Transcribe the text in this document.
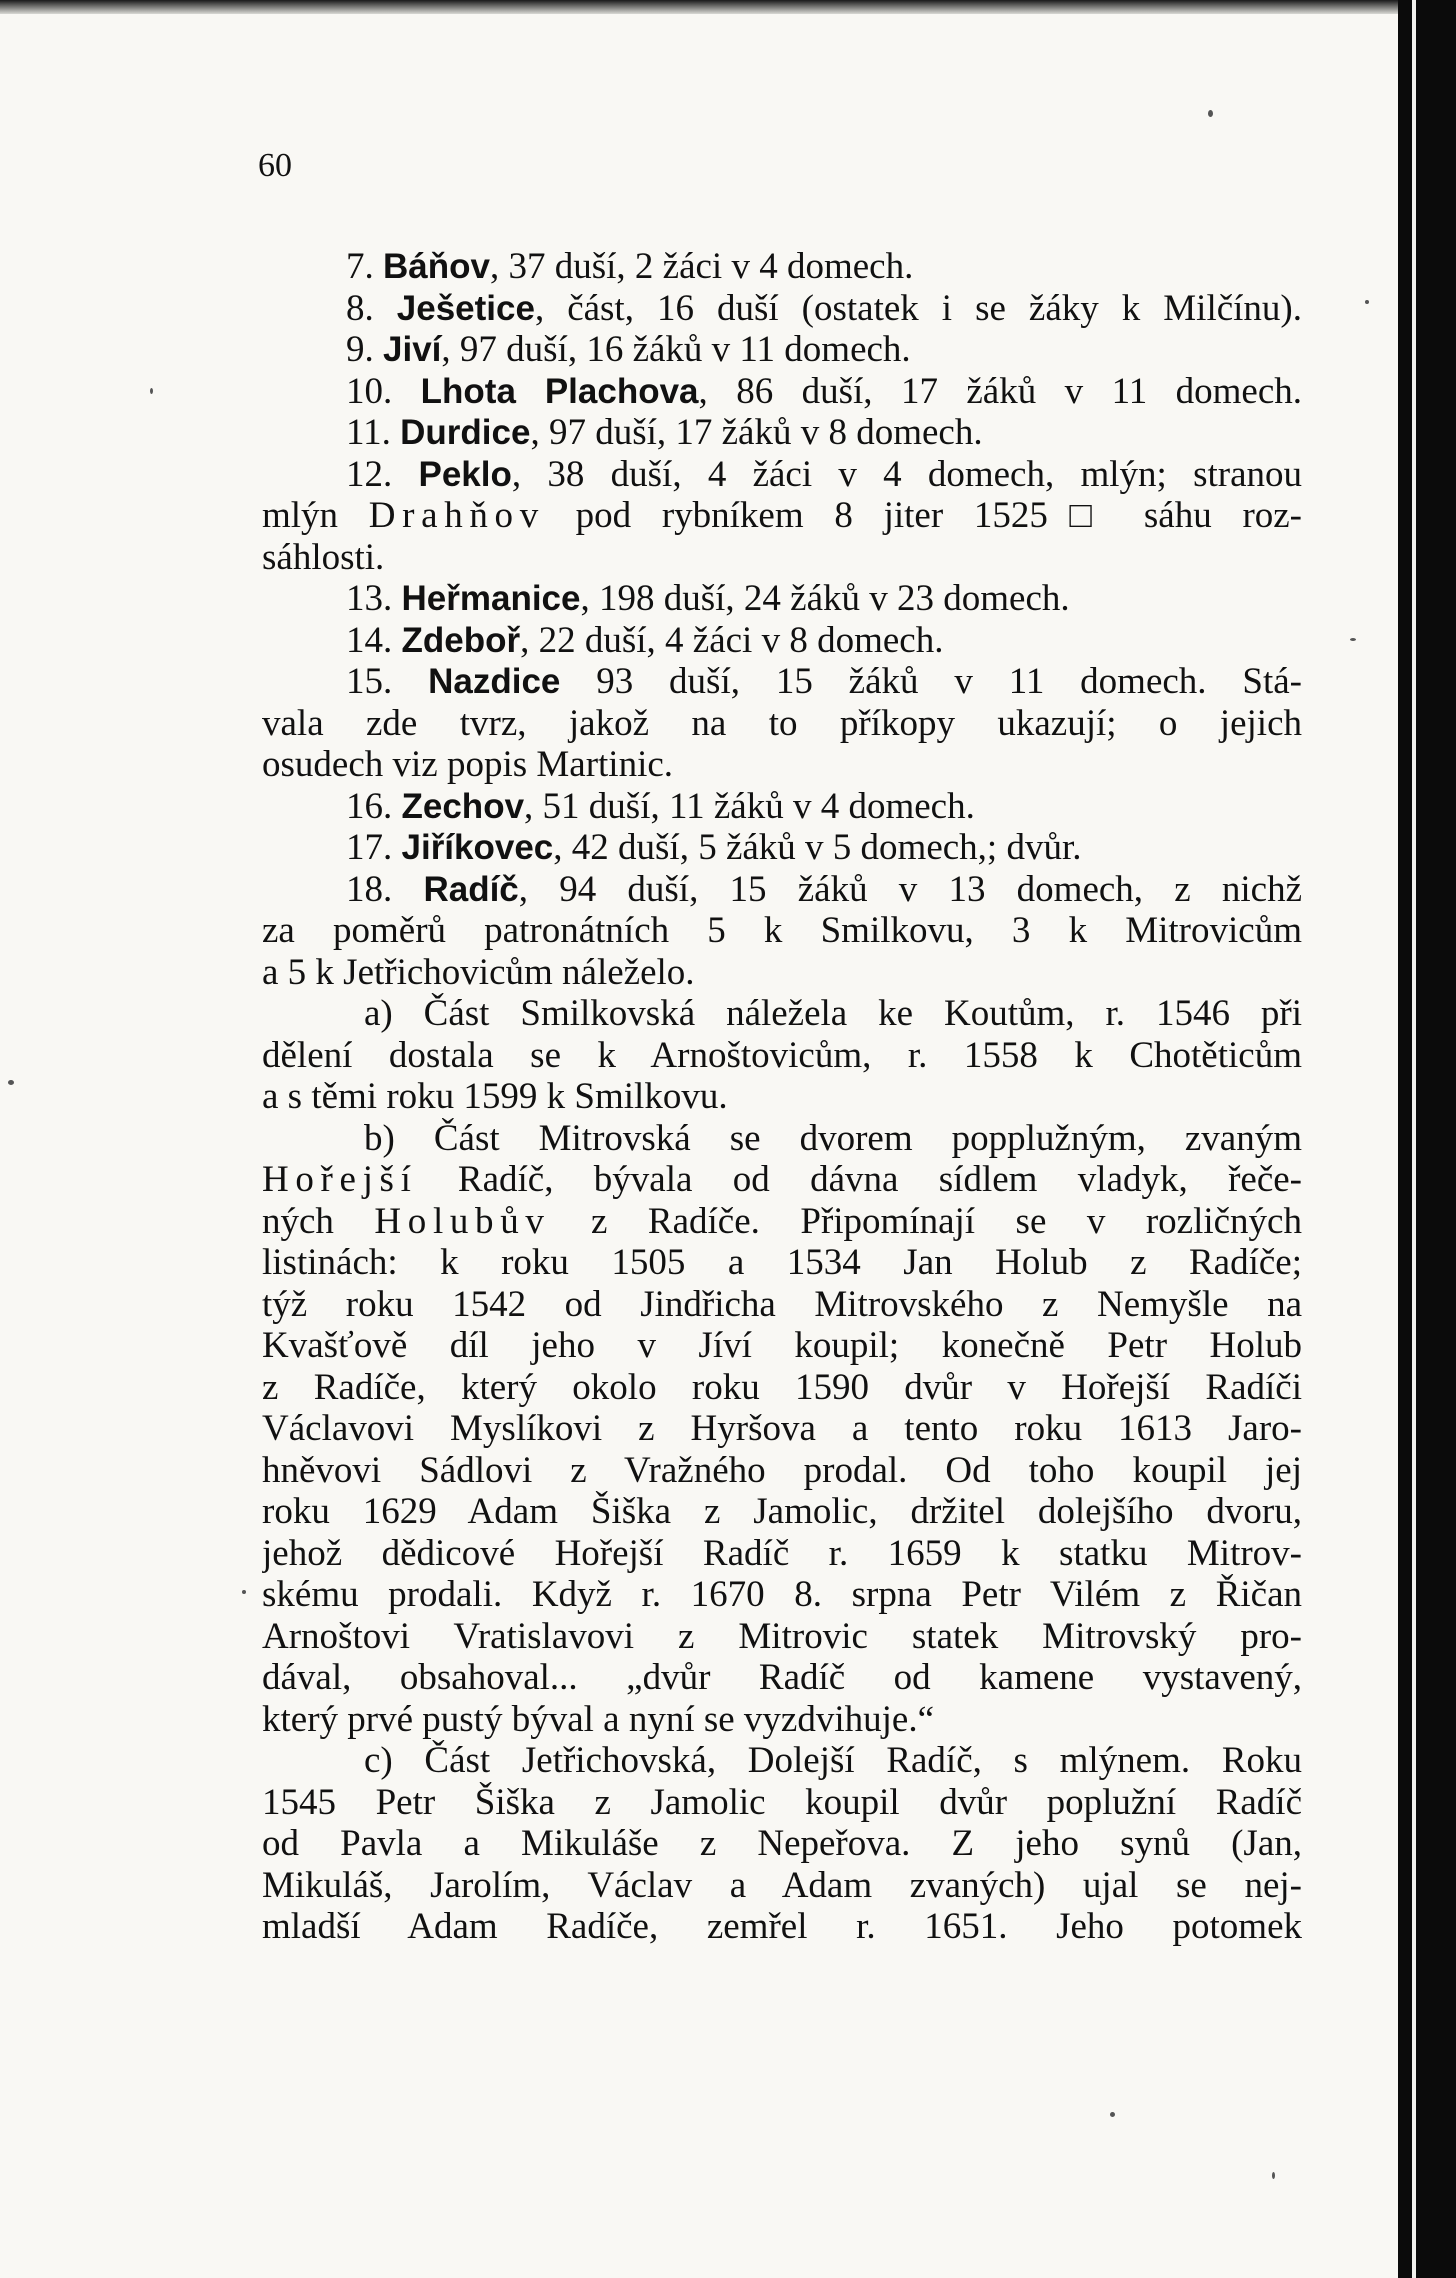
60
7. Báňov, 37 duší, 2 žáci v 4 domech.
8. Ješetice, část, 16 duší (ostatek i se žáky k Milčínu).
9. Jiví, 97 duší, 16 žáků v 11 domech.
10. Lhota Plachova, 86 duší, 17 žáků v 11 domech.
11. Durdice, 97 duší, 17 žáků v 8 domech.
12. Peklo, 38 duší, 4 žáci v 4 domech, mlýn; stranou
mlýn Drahňov pod rybníkem 8 jiter 1525□ sáhu roz-
sáhlosti.
13. Heřmanice, 198 duší, 24 žáků v 23 domech.
14. Zdeboř, 22 duší, 4 žáci v 8 domech.
15. Nazdice 93 duší, 15 žáků v 11 domech. Stá-
vala zde tvrz, jakož na to příkopy ukazují; o jejich
osudech viz popis Martinic.
16. Zechov, 51 duší, 11 žáků v 4 domech.
17. Jiříkovec, 42 duší, 5 žáků v 5 domech,; dvůr.
18. Radíč, 94 duší, 15 žáků v 13 domech, z nichž
za poměrů patronátních 5 k Smilkovu, 3 k Mitrovicům
a 5 k Jetřichovicům náleželo.
a) Část Smilkovská náležela ke Koutům, r. 1546 při
dělení dostala se k Arnoštovicům, r. 1558 k Chotěticům
a s těmi roku 1599 k Smilkovu.
b) Část Mitrovská se dvorem popplužným, zvaným
Hořejší Radíč, bývala od dávna sídlem vladyk, řeče-
ných Holubův z Radíče. Připomínají se v rozličných
listinách: k roku 1505 a 1534 Jan Holub z Radíče;
týž roku 1542 od Jindřicha Mitrovského z Nemyšle na
Kvašťově díl jeho v Jíví koupil; konečně Petr Holub
z Radíče, který okolo roku 1590 dvůr v Hořejší Radíči
Václavovi Myslíkovi z Hyršova a tento roku 1613 Jaro-
hněvovi Sádlovi z Vražného prodal. Od toho koupil jej
roku 1629 Adam Šiška z Jamolic, držitel dolejšího dvoru,
jehož dědicové Hořejší Radíč r. 1659 k statku Mitrov-
skému prodali. Když r. 1670 8. srpna Petr Vilém z Řičan
Arnoštovi Vratislavovi z Mitrovic statek Mitrovský pro-
dával, obsahoval... „dvůr Radíč od kamene vystavený,
který prvé pustý býval a nyní se vyzdvihuje.“
c) Část Jetřichovská, Dolejší Radíč, s mlýnem. Roku
1545 Petr Šiška z Jamolic koupil dvůr poplužní Radíč
od Pavla a Mikuláše z Nepeřova. Z jeho synů (Jan,
Mikuláš, Jarolím, Václav a Adam zvaných) ujal se nej-
mladší Adam Radíče, zemřel r. 1651. Jeho potomek
